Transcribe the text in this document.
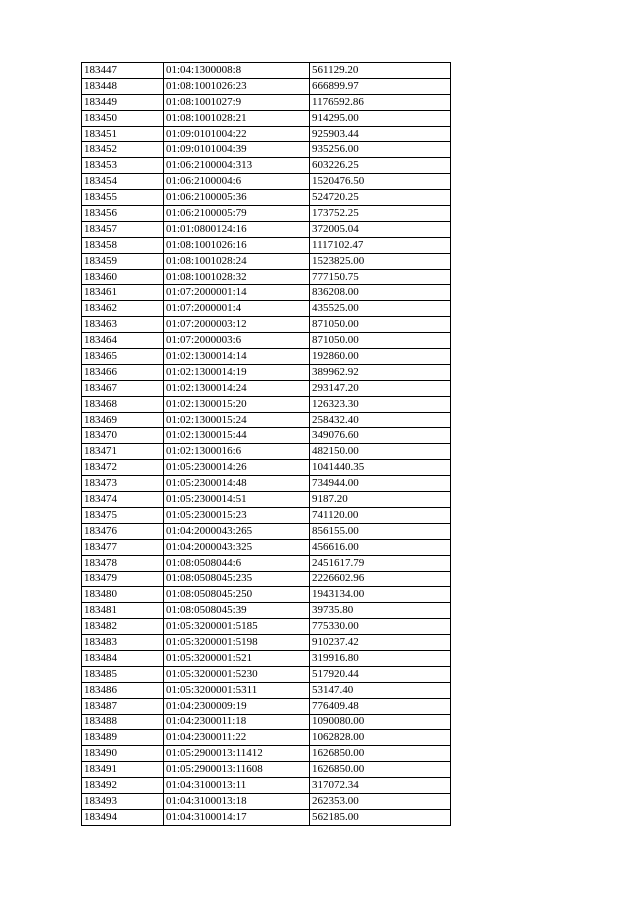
183447	01:04:1300008:8	561129.20
183448	01:08:1001026:23	666899.97
183449	01:08:1001027:9	1176592.86
183450	01:08:1001028:21	914295.00
183451	01:09:0101004:22	925903.44
183452	01:09:0101004:39	935256.00
183453	01:06:2100004:313	603226.25
183454	01:06:2100004:6	1520476.50
183455	01:06:2100005:36	524720.25
183456	01:06:2100005:79	173752.25
183457	01:01:0800124:16	372005.04
183458	01:08:1001026:16	1117102.47
183459	01:08:1001028:24	1523825.00
183460	01:08:1001028:32	777150.75
183461	01:07:2000001:14	836208.00
183462	01:07:2000001:4	435525.00
183463	01:07:2000003:12	871050.00
183464	01:07:2000003:6	871050.00
183465	01:02:1300014:14	192860.00
183466	01:02:1300014:19	389962.92
183467	01:02:1300014:24	293147.20
183468	01:02:1300015:20	126323.30
183469	01:02:1300015:24	258432.40
183470	01:02:1300015:44	349076.60
183471	01:02:1300016:6	482150.00
183472	01:05:2300014:26	1041440.35
183473	01:05:2300014:48	734944.00
183474	01:05:2300014:51	9187.20
183475	01:05:2300015:23	741120.00
183476	01:04:2000043:265	856155.00
183477	01:04:2000043:325	456616.00
183478	01:08:0508044:6	2451617.79
183479	01:08:0508045:235	2226602.96
183480	01:08:0508045:250	1943134.00
183481	01:08:0508045:39	39735.80
183482	01:05:3200001:5185	775330.00
183483	01:05:3200001:5198	910237.42
183484	01:05:3200001:521	319916.80
183485	01:05:3200001:5230	517920.44
183486	01:05:3200001:5311	53147.40
183487	01:04:2300009:19	776409.48
183488	01:04:2300011:18	1090080.00
183489	01:04:2300011:22	1062828.00
183490	01:05:2900013:11412	1626850.00
183491	01:05:2900013:11608	1626850.00
183492	01:04:3100013:11	317072.34
183493	01:04:3100013:18	262353.00
183494	01:04:3100014:17	562185.00
